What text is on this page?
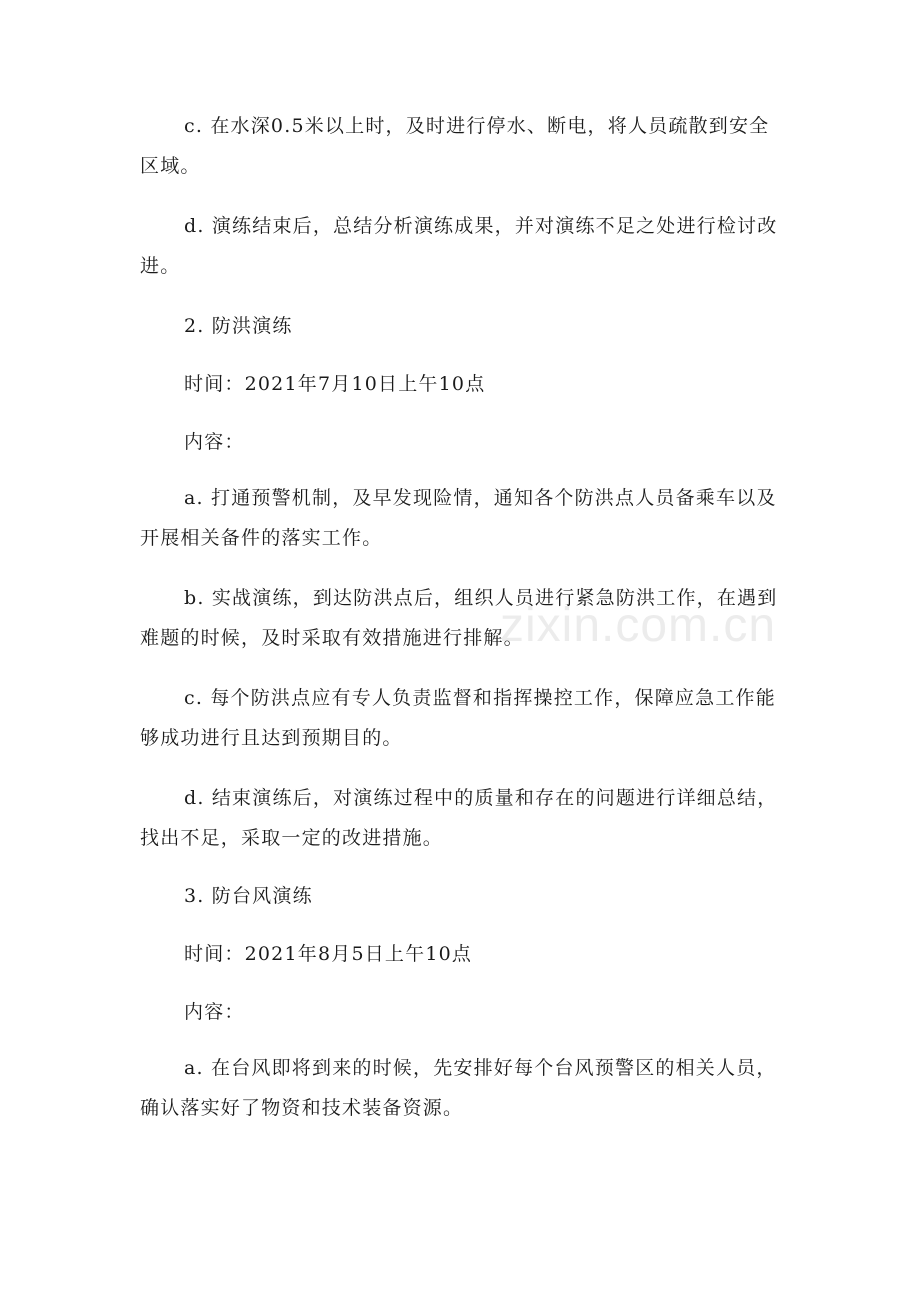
c. 在水深0.5米以上时，及时进行停水、断电，将人员疏散到安全区域。

d. 演练结束后，总结分析演练成果，并对演练不足之处进行检讨改进。

2. 防洪演练

时间：2021年7月10日上午10点

内容：

a. 打通预警机制，及早发现险情，通知各个防洪点人员备乘车以及开展相关备件的落实工作。

b. 实战演练，到达防洪点后，组织人员进行紧急防洪工作，在遇到难题的时候，及时采取有效措施进行排解。

c. 每个防洪点应有专人负责监督和指挥操控工作，保障应急工作能够成功进行且达到预期目的。

d. 结束演练后，对演练过程中的质量和存在的问题进行详细总结，找出不足，采取一定的改进措施。

3. 防台风演练

时间：2021年8月5日上午10点

内容：

a. 在台风即将到来的时候，先安排好每个台风预警区的相关人员，确认落实好了物资和技术装备资源。

zixin.com.cn
